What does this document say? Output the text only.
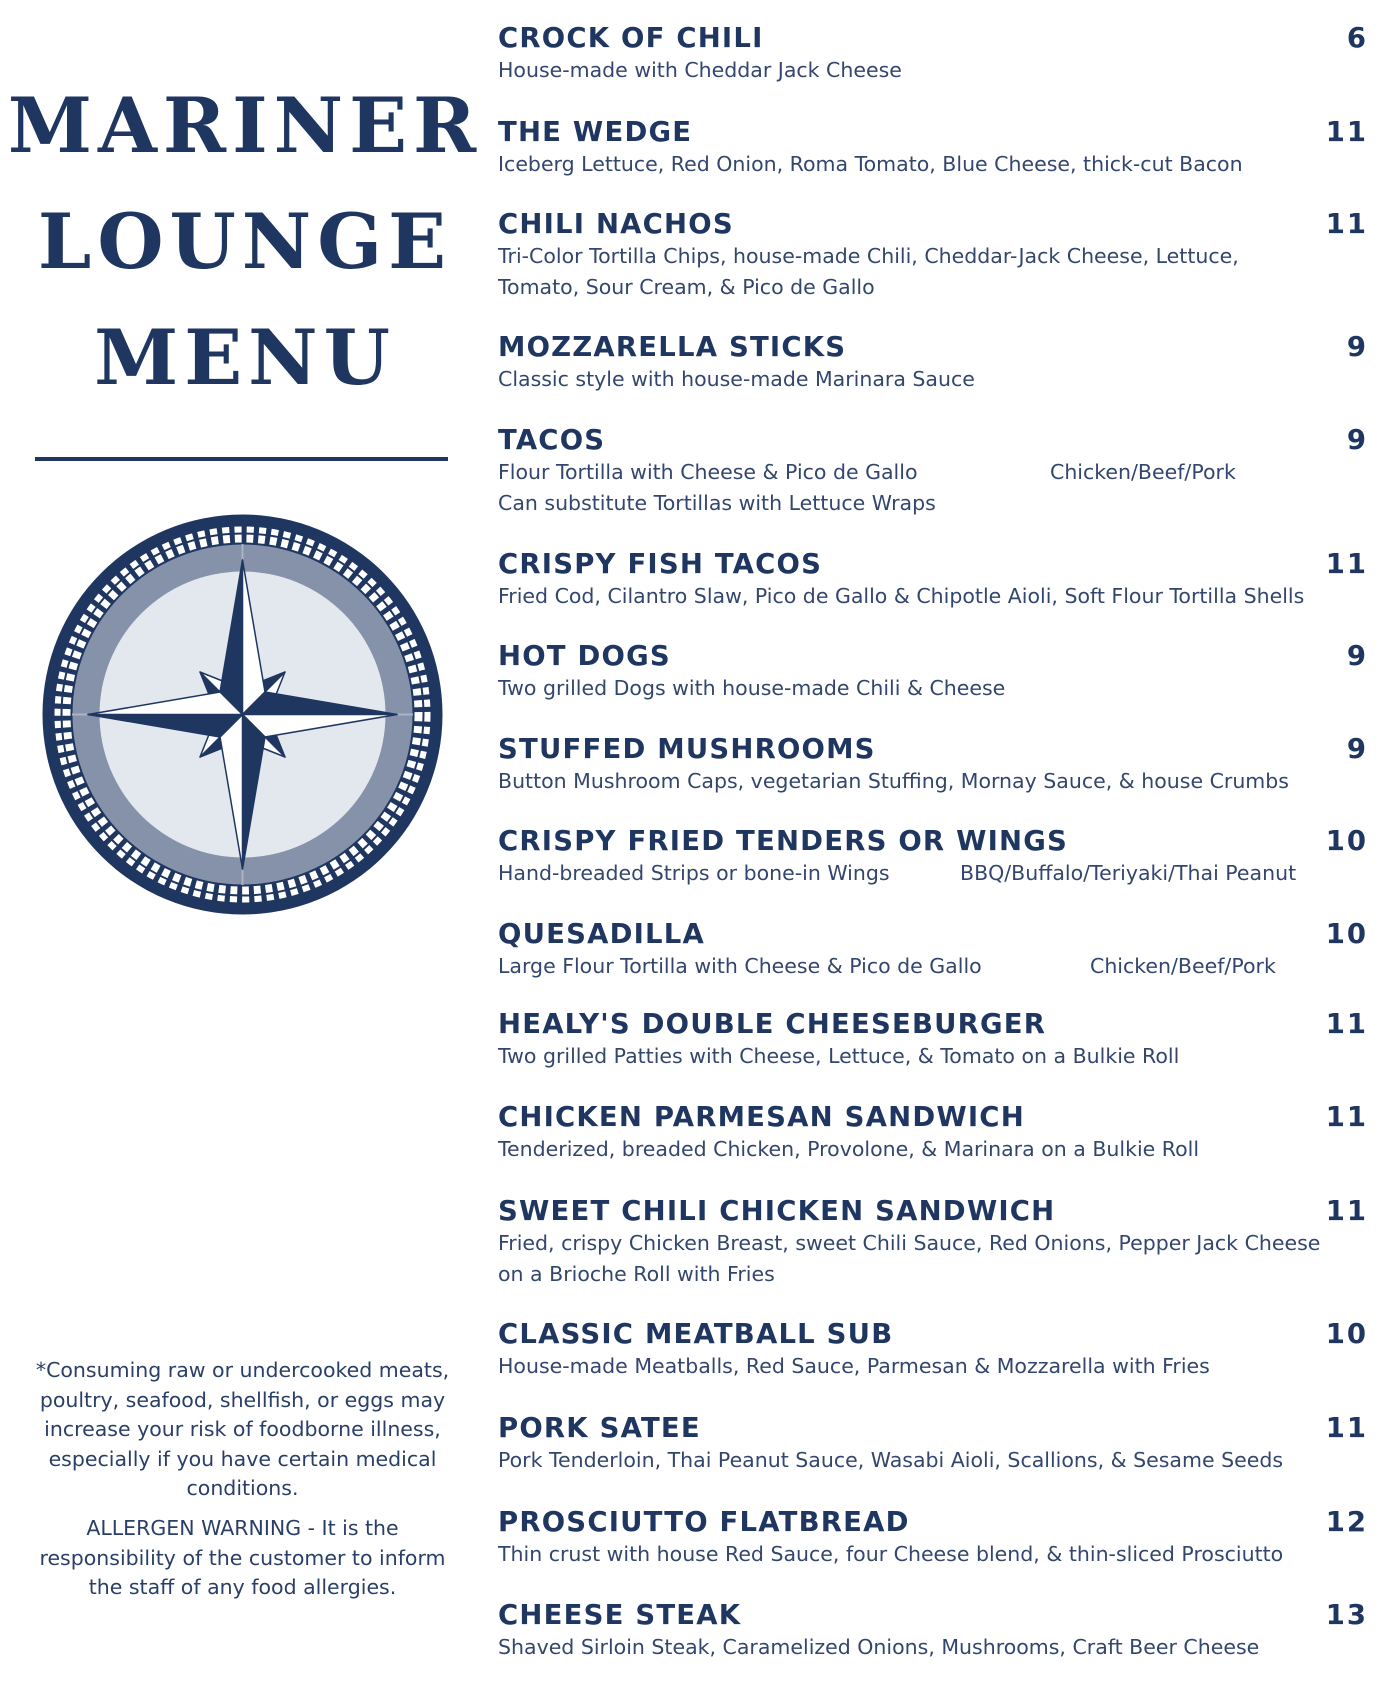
MARINER
LOUNGE
MENU
*Consuming raw or undercooked meats, poultry, seafood, shellfish, or eggs may increase your risk of foodborne illness, especially if you have certain medical conditions.
ALLERGEN WARNING - It is the responsibility of the customer to inform the staff of any food allergies.
CROCK OF CHILI	6
House-made with Cheddar Jack Cheese
THE WEDGE	11
Iceberg Lettuce, Red Onion, Roma Tomato, Blue Cheese, thick-cut Bacon
CHILI NACHOS	11
Tri-Color Tortilla Chips, house-made Chili, Cheddar-Jack Cheese, Lettuce,
Tomato, Sour Cream, & Pico de Gallo
MOZZARELLA STICKS	9
Classic style with house-made Marinara Sauce
TACOS	9
Flour Tortilla with Cheese & Pico de Gallo	Chicken/Beef/Pork
Can substitute Tortillas with Lettuce Wraps
CRISPY FISH TACOS	11
Fried Cod, Cilantro Slaw, Pico de Gallo & Chipotle Aioli, Soft Flour Tortilla Shells
HOT DOGS	9
Two grilled Dogs with house-made Chili & Cheese
STUFFED MUSHROOMS	9
Button Mushroom Caps, vegetarian Stuffing, Mornay Sauce, & house Crumbs
CRISPY FRIED TENDERS OR WINGS	10
Hand-breaded Strips or bone-in Wings	BBQ/Buffalo/Teriyaki/Thai Peanut
QUESADILLA	10
Large Flour Tortilla with Cheese & Pico de Gallo	Chicken/Beef/Pork
HEALY'S DOUBLE CHEESEBURGER	11
Two grilled Patties with Cheese, Lettuce, & Tomato on a Bulkie Roll
CHICKEN PARMESAN SANDWICH	11
Tenderized, breaded Chicken, Provolone, & Marinara on a Bulkie Roll
SWEET CHILI CHICKEN SANDWICH	11
Fried, crispy Chicken Breast, sweet Chili Sauce, Red Onions, Pepper Jack Cheese
on a Brioche Roll with Fries
CLASSIC MEATBALL SUB	10
House-made Meatballs, Red Sauce, Parmesan & Mozzarella with Fries
PORK SATEE	11
Pork Tenderloin, Thai Peanut Sauce, Wasabi Aioli, Scallions, & Sesame Seeds
PROSCIUTTO FLATBREAD	12
Thin crust with house Red Sauce, four Cheese blend, & thin-sliced Prosciutto
CHEESE STEAK	13
Shaved Sirloin Steak, Caramelized Onions, Mushrooms, Craft Beer Cheese
